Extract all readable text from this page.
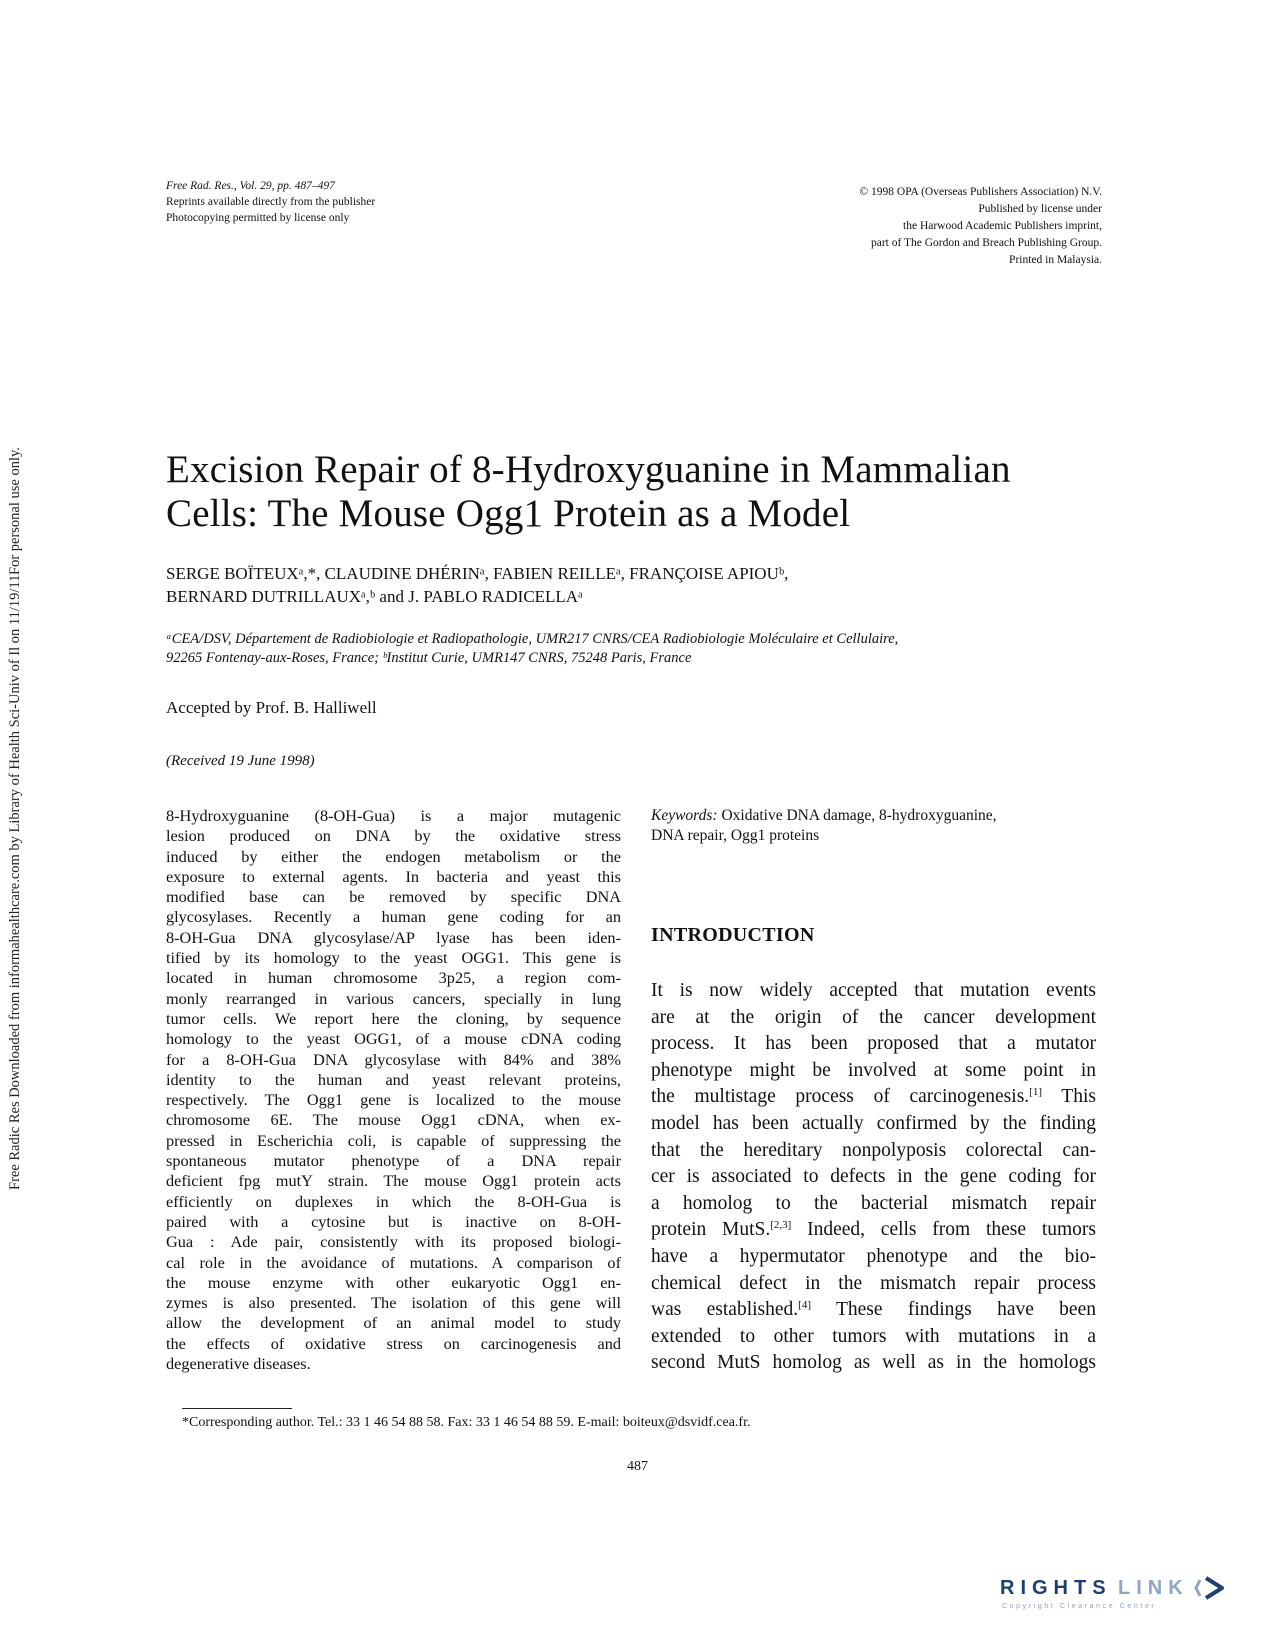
Free Rad. Res., Vol. 29, pp. 487–497
Reprints available directly from the publisher
Photocopying permitted by license only
© 1998 OPA (Overseas Publishers Association) N.V.
Published by license under
the Harwood Academic Publishers imprint,
part of The Gordon and Breach Publishing Group.
Printed in Malaysia.
Free Radic Res Downloaded from informahealthcare.com by Library of Health Sci-Univ of Il on 11/19/11
For personal use only.	Excision Repair of 8-Hydroxyguanine in Mammalian
Cells: The Mouse Ogg1 Protein as a Model
SERGE BOÏTEUXᵃ,*, CLAUDINE DHÉRINᵃ, FABIEN REILLEᵃ, FRANÇOISE APIOUᵇ,
BERNARD DUTRILLAUXᵃ,ᵇ and J. PABLO RADICELLAᵃ
ᵃCEA/DSV, Département de Radiobiologie et Radiopathologie, UMR217 CNRS/CEA Radiobiologie Moléculaire et Cellulaire,
92265 Fontenay-aux-Roses, France; ᵇInstitut Curie, UMR147 CNRS, 75248 Paris, France
Accepted by Prof. B. Halliwell
(Received 19 June 1998)
8-Hydroxyguanine (8-OH-Gua) is a major mutagenic
lesion produced on DNA by the oxidative stress
induced by either the endogen metabolism or the
exposure to external agents. In bacteria and yeast this
modified base can be removed by specific DNA
glycosylases. Recently a human gene coding for an
8-OH-Gua DNA glycosylase/AP lyase has been iden-
tified by its homology to the yeast OGG1. This gene is
located in human chromosome 3p25, a region com-
monly rearranged in various cancers, specially in lung
tumor cells. We report here the cloning, by sequence
homology to the yeast OGG1, of a mouse cDNA coding
for a 8-OH-Gua DNA glycosylase with 84% and 38%
identity to the human and yeast relevant proteins,
respectively. The Ogg1 gene is localized to the mouse
chromosome 6E. The mouse Ogg1 cDNA, when ex-
pressed in Escherichia coli, is capable of suppressing the
spontaneous mutator phenotype of a DNA repair
deficient fpg mutY strain. The mouse Ogg1 protein acts
efficiently on duplexes in which the 8-OH-Gua is
paired with a cytosine but is inactive on 8-OH-
Gua : Ade pair, consistently with its proposed biologi-
cal role in the avoidance of mutations. A comparison of
the mouse enzyme with other eukaryotic Ogg1 en-
zymes is also presented. The isolation of this gene will
allow the development of an animal model to study
the effects of oxidative stress on carcinogenesis and
degenerative diseases.
Keywords: Oxidative DNA damage, 8-hydroxyguanine,
DNA repair, Ogg1 proteins
INTRODUCTION
It is now widely accepted that mutation events
are at the origin of the cancer development
process. It has been proposed that a mutator
phenotype might be involved at some point in
the multistage process of carcinogenesis.[1] This
model has been actually confirmed by the finding
that the hereditary nonpolyposis colorectal can-
cer is associated to defects in the gene coding for
a homolog to the bacterial mismatch repair
protein MutS.[2,3] Indeed, cells from these tumors
have a hypermutator phenotype and the bio-
chemical defect in the mismatch repair process
was established.[4] These findings have been
extended to other tumors with mutations in a
second MutS homolog as well as in the homologs
*Corresponding author. Tel.: 33 1 46 54 88 58. Fax: 33 1 46 54 88 59. E-mail: boiteux@dsvidf.cea.fr.
487
RIGHTS LINK
Copyright Clearance Center
